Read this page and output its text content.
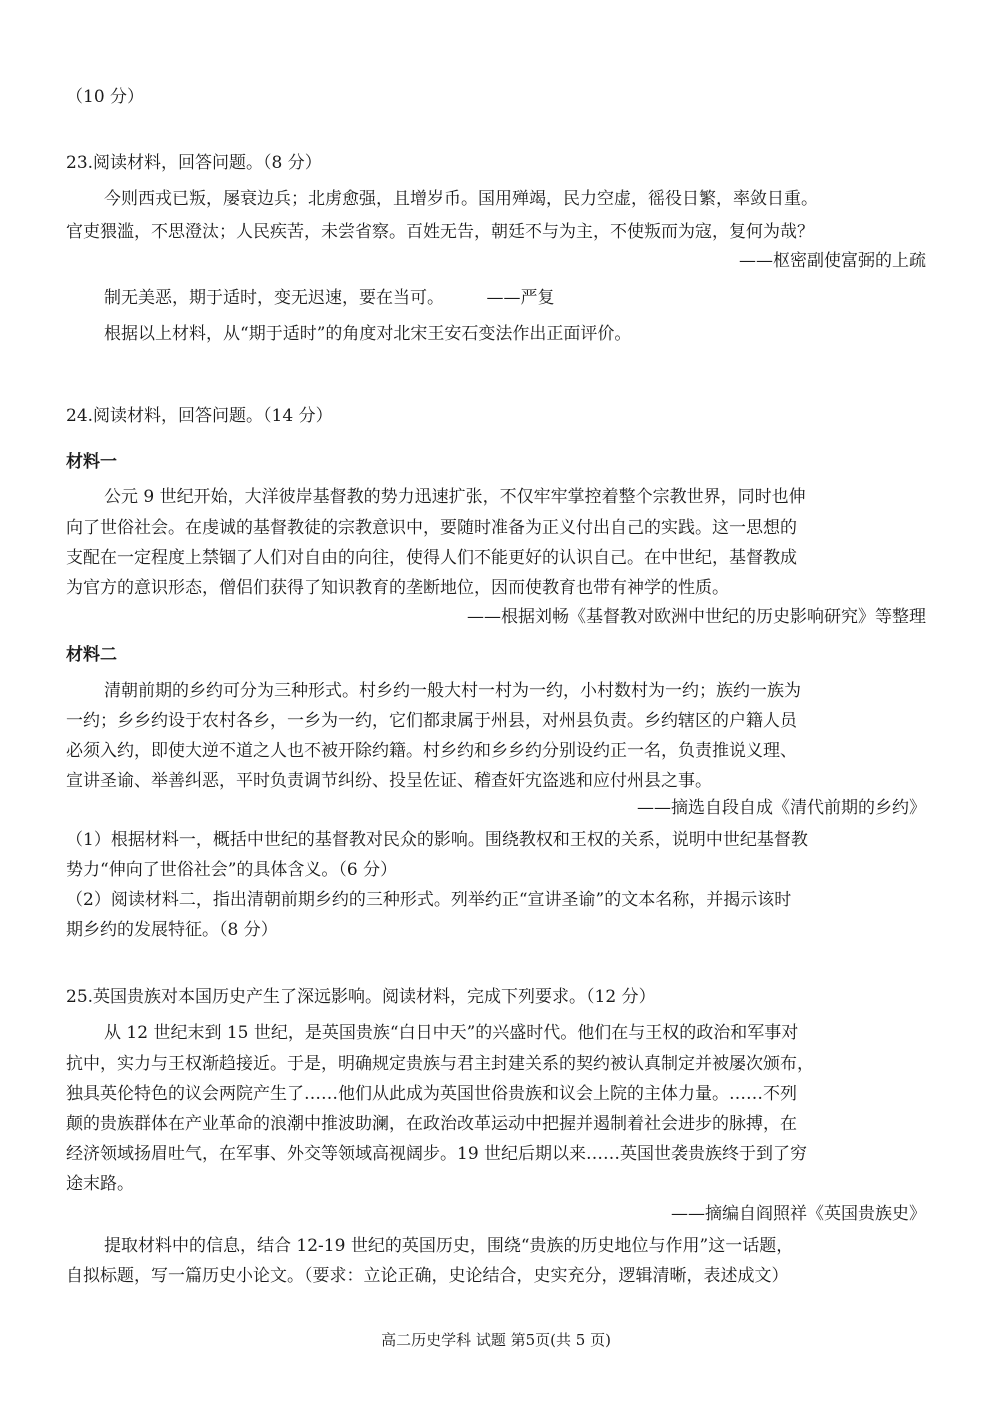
（10 分）
23.阅读材料，回答问题。（8 分）
今则西戎已叛，屡衰边兵；北虏愈强，且增岁币。国用殚竭，民力空虚，徭役日繁，率敛日重。
官吏猥滥，不思澄汰；人民疾苦，未尝省察。百姓无告，朝廷不与为主，不使叛而为寇，复何为哉？
——枢密副使富弼的上疏
制无美恶，期于适时，变无迟速，要在当可。　　　——严复
根据以上材料，从“期于适时”的角度对北宋王安石变法作出正面评价。
24.阅读材料，回答问题。（14 分）
材料一
公元 9 世纪开始，大洋彼岸基督教的势力迅速扩张，不仅牢牢掌控着整个宗教世界，同时也伸
向了世俗社会。在虔诚的基督教徒的宗教意识中，要随时准备为正义付出自己的实践。这一思想的
支配在一定程度上禁锢了人们对自由的向往，使得人们不能更好的认识自己。在中世纪，基督教成
为官方的意识形态，僧侣们获得了知识教育的垄断地位，因而使教育也带有神学的性质。
——根据刘畅《基督教对欧洲中世纪的历史影响研究》等整理
材料二
清朝前期的乡约可分为三种形式。村乡约一般大村一村为一约，小村数村为一约；族约一族为
一约；乡乡约设于农村各乡，一乡为一约，它们都隶属于州县，对州县负责。乡约辖区的户籍人员
必须入约，即使大逆不道之人也不被开除约籍。村乡约和乡乡约分别设约正一名，负责推说义理、
宣讲圣谕、举善纠恶，平时负责调节纠纷、投呈佐证、稽查奸宄盗逃和应付州县之事。
——摘选自段自成《清代前期的乡约》
（1）根据材料一，概括中世纪的基督教对民众的影响。围绕教权和王权的关系，说明中世纪基督教
势力“伸向了世俗社会”的具体含义。（6 分）
（2）阅读材料二，指出清朝前期乡约的三种形式。列举约正“宣讲圣谕”的文本名称，并揭示该时
期乡约的发展特征。（8 分）
25.英国贵族对本国历史产生了深远影响。阅读材料，完成下列要求。（12 分）
从 12 世纪末到 15 世纪，是英国贵族“白日中天”的兴盛时代。他们在与王权的政治和军事对
抗中，实力与王权渐趋接近。于是，明确规定贵族与君主封建关系的契约被认真制定并被屡次颁布，
独具英伦特色的议会两院产生了……他们从此成为英国世俗贵族和议会上院的主体力量。……不列
颠的贵族群体在产业革命的浪潮中推波助澜，在政治改革运动中把握并遏制着社会进步的脉搏，在
经济领域扬眉吐气，在军事、外交等领域高视阔步。19 世纪后期以来……英国世袭贵族终于到了穷
途末路。
——摘编自阎照祥《英国贵族史》
提取材料中的信息，结合 12-19 世纪的英国历史，围绕“贵族的历史地位与作用”这一话题，
自拟标题，写一篇历史小论文。（要求：立论正确，史论结合，史实充分，逻辑清晰，表述成文）
高二历史学科 试题 第5页(共 5 页)
